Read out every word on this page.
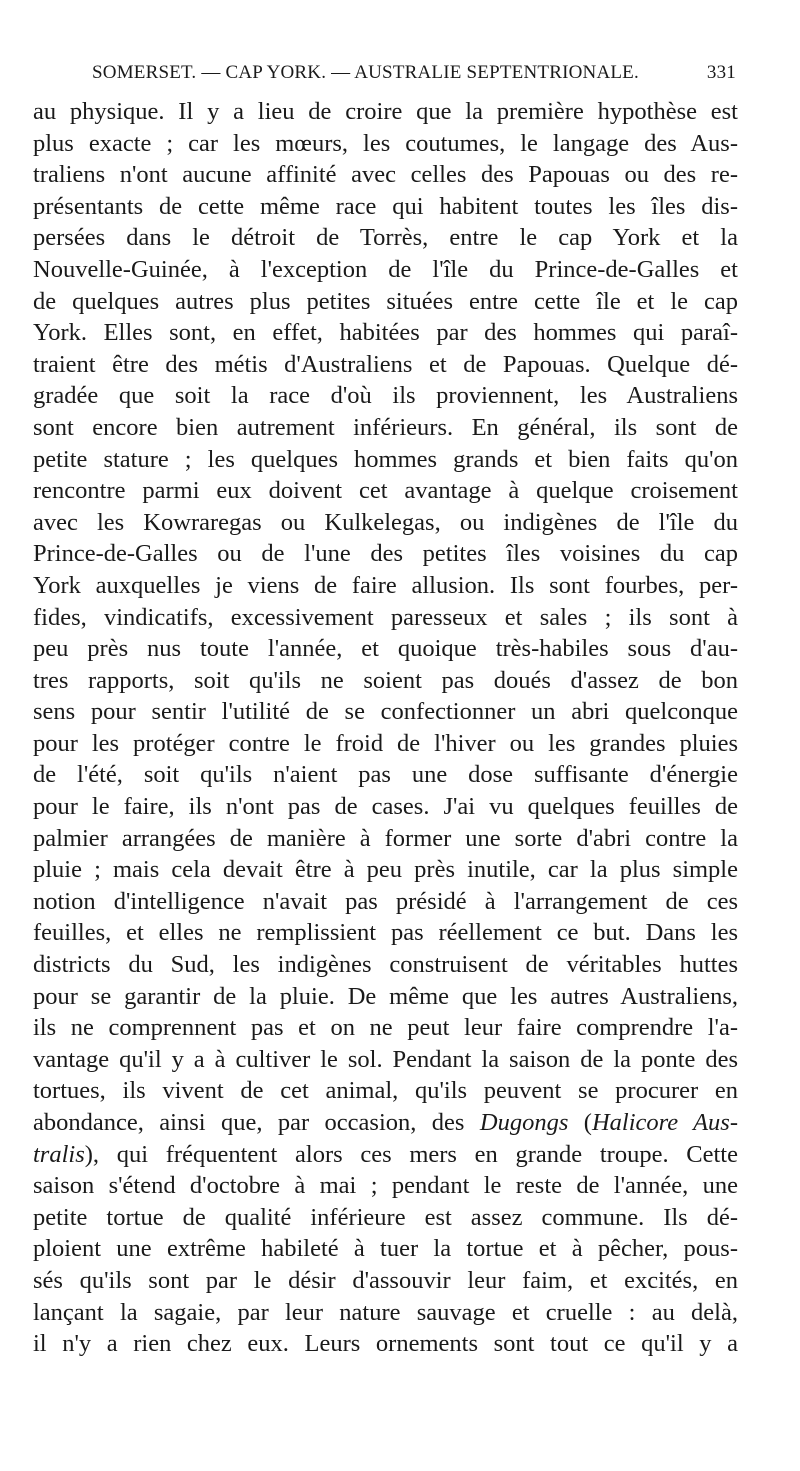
SOMERSET. — CAP YORK. — AUSTRALIE SEPTENTRIONALE.	331
au physique. Il y a lieu de croire que la première hypothèse est
plus exacte ; car les mœurs, les coutumes, le langage des Aus-
traliens n'ont aucune affinité avec celles des Papouas ou des re-
présentants de cette même race qui habitent toutes les îles dis-
persées dans le détroit de Torrès, entre le cap York et la
Nouvelle-Guinée, à l'exception de l'île du Prince-de-Galles et
de quelques autres plus petites situées entre cette île et le cap
York. Elles sont, en effet, habitées par des hommes qui paraî-
traient être des métis d'Australiens et de Papouas. Quelque dé-
gradée que soit la race d'où ils proviennent, les Australiens
sont encore bien autrement inférieurs. En général, ils sont de
petite stature ; les quelques hommes grands et bien faits qu'on
rencontre parmi eux doivent cet avantage à quelque croisement
avec les Kowraregas ou Kulkelegas, ou indigènes de l'île du
Prince-de-Galles ou de l'une des petites îles voisines du cap
York auxquelles je viens de faire allusion. Ils sont fourbes, per-
fides, vindicatifs, excessivement paresseux et sales ; ils sont à
peu près nus toute l'année, et quoique très-habiles sous d'au-
tres rapports, soit qu'ils ne soient pas doués d'assez de bon
sens pour sentir l'utilité de se confectionner un abri quelconque
pour les protéger contre le froid de l'hiver ou les grandes pluies
de l'été, soit qu'ils n'aient pas une dose suffisante d'énergie
pour le faire, ils n'ont pas de cases. J'ai vu quelques feuilles de
palmier arrangées de manière à former une sorte d'abri contre la
pluie ; mais cela devait être à peu près inutile, car la plus simple
notion d'intelligence n'avait pas présidé à l'arrangement de ces
feuilles, et elles ne remplissient pas réellement ce but. Dans les
districts du Sud, les indigènes construisent de véritables huttes
pour se garantir de la pluie. De même que les autres Australiens,
ils ne comprennent pas et on ne peut leur faire comprendre l'a-
vantage qu'il y a à cultiver le sol. Pendant la saison de la ponte des
tortues, ils vivent de cet animal, qu'ils peuvent se procurer en
abondance, ainsi que, par occasion, des Dugongs (Halicore Aus-
tralis), qui fréquentent alors ces mers en grande troupe. Cette
saison s'étend d'octobre à mai ; pendant le reste de l'année, une
petite tortue de qualité inférieure est assez commune. Ils dé-
ploient une extrême habileté à tuer la tortue et à pêcher, pous-
sés qu'ils sont par le désir d'assouvir leur faim, et excités, en
lançant la sagaie, par leur nature sauvage et cruelle : au delà,
il n'y a rien chez eux. Leurs ornements sont tout ce qu'il y a
